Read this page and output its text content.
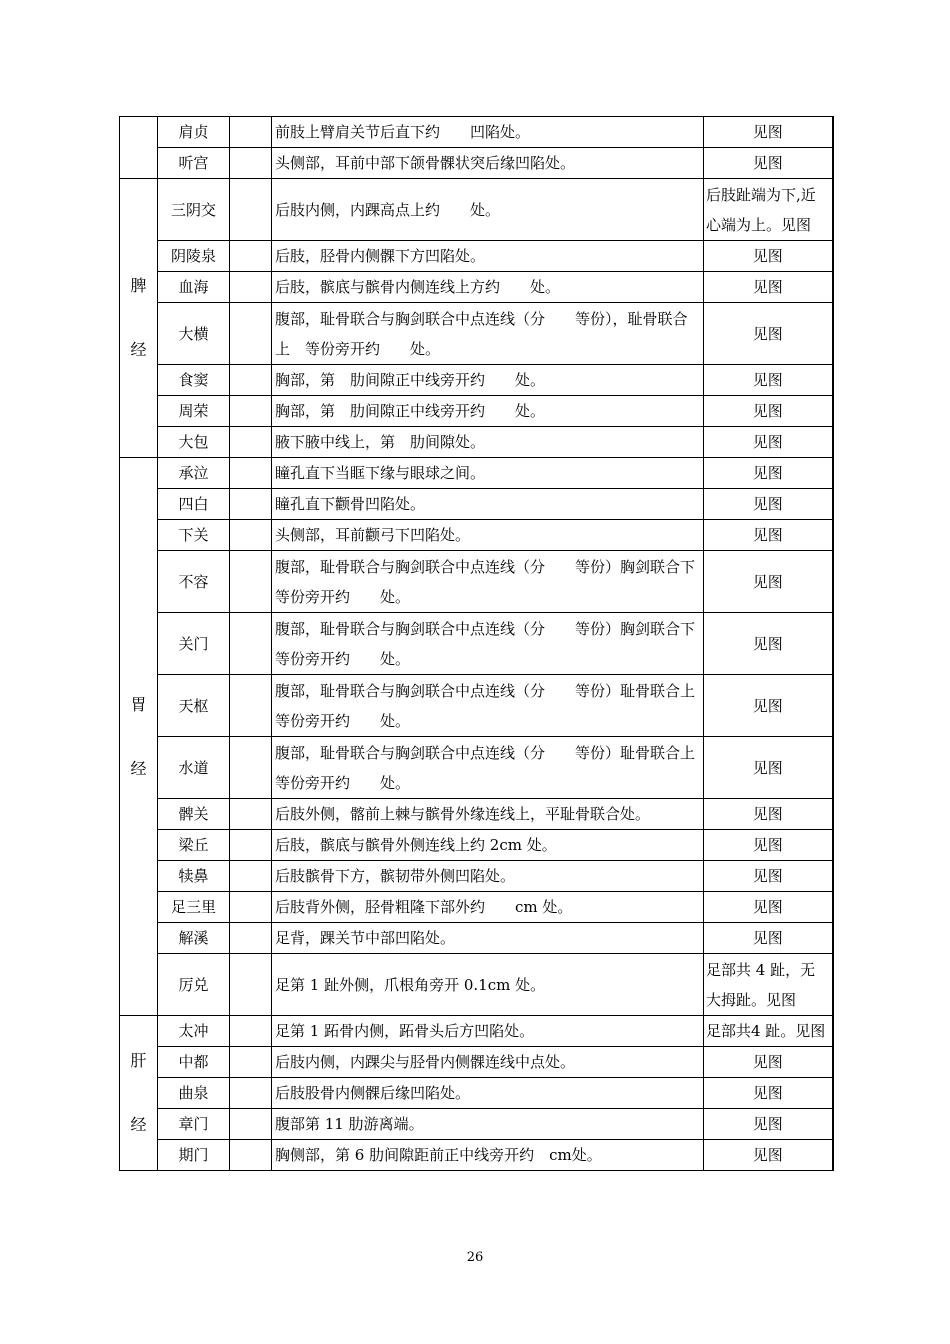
	肩贞		前肢上臂肩关节后直下约　　凹陷处。	见图
	听宫		头侧部，耳前中部下颌骨髁状突后缘凹陷处。	见图

脾
经	三阴交		后肢内侧，内踝高点上约　　处。	后肢趾端为下,近心端为上。见图
	阴陵泉		后肢，胫骨内侧髁下方凹陷处。	见图
	血海		后肢，髌底与髌骨内侧连线上方约　　处。	见图
	大横		腹部，耻骨联合与胸剑联合中点连线（分　　等份），耻骨联合上　等份旁开约　　处。	见图
	食窦		胸部，第　肋间隙正中线旁开约　　处。	见图
	周荣		胸部，第　肋间隙正中线旁开约　　处。	见图
	大包		腋下腋中线上，第　肋间隙处。	见图

胃
经	承泣		瞳孔直下当眶下缘与眼球之间。	见图
	四白		瞳孔直下颧骨凹陷处。	见图
	下关		头侧部，耳前颧弓下凹陷处。	见图
	不容		腹部，耻骨联合与胸剑联合中点连线（分　　等份）胸剑联合下　等份旁开约　　处。	见图
	关门		腹部，耻骨联合与胸剑联合中点连线（分　　等份）胸剑联合下　等份旁开约　　处。	见图
	天枢		腹部，耻骨联合与胸剑联合中点连线（分　　等份）耻骨联合上　等份旁开约　　处。	见图
	水道		腹部，耻骨联合与胸剑联合中点连线（分　　等份）耻骨联合上　等份旁开约　　处。	见图
	髀关		后肢外侧，髂前上棘与髌骨外缘连线上，平耻骨联合处。	见图
	梁丘		后肢，髌底与髌骨外侧连线上约 2cm 处。	见图
	犊鼻		后肢髌骨下方，髌韧带外侧凹陷处。	见图
	足三里		后肢背外侧，胫骨粗隆下部外约　　cm 处。	见图
	解溪		足背，踝关节中部凹陷处。	见图
	厉兑		足第 1 趾外侧，爪根角旁开 0.1cm 处。	足部共 4 趾，无大拇趾。见图

肝
经	太冲		足第 1 跖骨内侧，跖骨头后方凹陷处。	足部共4 趾。见图
	中都		后肢内侧，内踝尖与胫骨内侧髁连线中点处。	见图
	曲泉		后肢股骨内侧髁后缘凹陷处。	见图
	章门		腹部第 11 肋游离端。	见图
	期门		胸侧部，第 6 肋间隙距前正中线旁开约　cm处。	见图
26
